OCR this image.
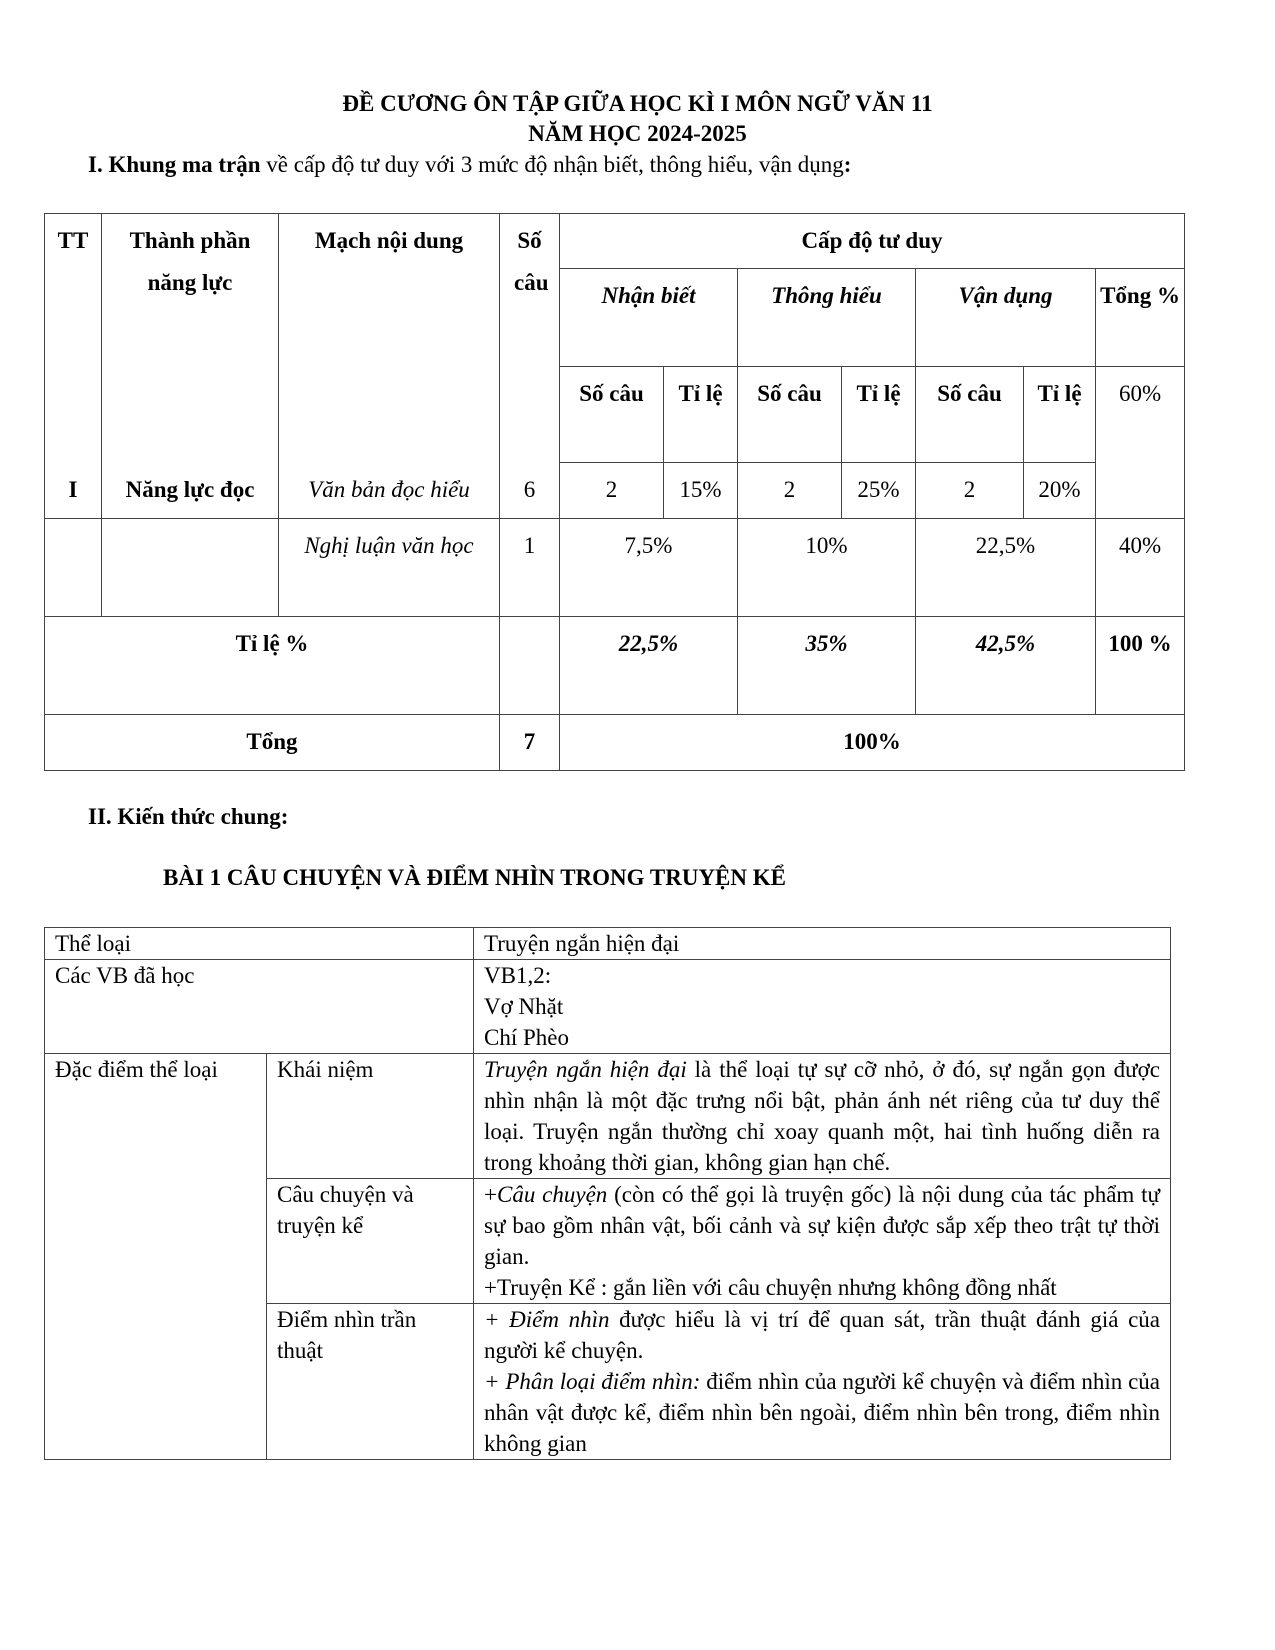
ĐỀ CƯƠNG ÔN TẬP GIỮA HỌC KÌ I MÔN NGỮ VĂN 11
NĂM HỌC 2024-2025
I. Khung ma trận về cấp độ tư duy với 3 mức độ nhận biết, thông hiểu, vận dụng:
TT	Thành phần năng lực	Mạch nội dung	Số câu	Cấp độ tư duy						
				Nhận biết		Thông hiểu		Vận dụng		Tổng %
				Số câu	Tỉ lệ	Số câu	Tỉ lệ	Số câu	Tỉ lệ	60%
I	Năng lực đọc	Văn bản đọc hiểu	6	2	15%	2	25%	2	20%	
		Nghị luận văn học	1	7,5%		10%		22,5%		40%
Tỉ lệ %				22,5%		35%		42,5%		100 %
Tổng			7	100%						
II. Kiến thức chung:
BÀI 1 CÂU CHUYỆN VÀ ĐIỂM NHÌN TRONG TRUYỆN KỂ
Thể loại		Truyện ngắn hiện đại
Các VB đã học		VB1,2:
Vợ Nhặt
Chí Phèo

Đặc điểm thể loại	Khái niệm	Truyện ngắn hiện đại là thể loại tự sự cỡ nhỏ, ở đó, sự ngắn gọn được nhìn nhận là một đặc trưng nổi bật, phản ánh nét riêng của tư duy thể loại. Truyện ngắn thường chỉ xoay quanh một, hai tình huống diễn ra trong khoảng thời gian, không gian hạn chế.
	Câu chuyện và truyện kể	+Câu chuyện (còn có thể gọi là truyện gốc) là nội dung của tác phẩm tự sự bao gồm nhân vật, bối cảnh và sự kiện được sắp xếp theo trật tự thời gian.
+Truyện Kể : gắn liền với câu chuyện nhưng không đồng nhất

	Điểm nhìn trần thuật	+ Điểm nhìn được hiểu là vị trí để quan sát, trần thuật đánh giá của người kể chuyện.
+ Phân loại điểm nhìn: điểm nhìn của người kể chuyện và điểm nhìn của nhân vật được kể, điểm nhìn bên ngoài, điểm nhìn bên trong, điểm nhìn không gian
